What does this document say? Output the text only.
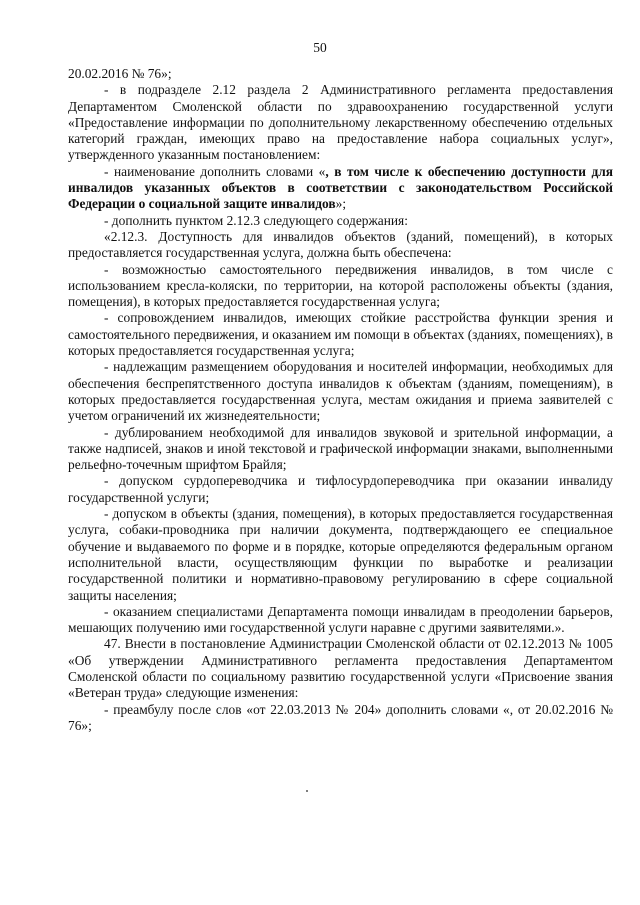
50

20.02.2016 № 76»;

- в подразделе 2.12 раздела 2 Административного регламента предоставления Департаментом Смоленской области по здравоохранению государственной услуги «Предоставление информации по дополнительному лекарственному обеспечению отдельных категорий граждан, имеющих право на предоставление набора социальных услуг», утвержденного указанным постановлением:

- наименование дополнить словами «, в том числе к обеспечению доступности для инвалидов указанных объектов в соответствии с законодательством Российской Федерации о социальной защите инвалидов»;

- дополнить пунктом 2.12.3 следующего содержания:

«2.12.3. Доступность для инвалидов объектов (зданий, помещений), в которых предоставляется государственная услуга, должна быть обеспечена:

- возможностью самостоятельного передвижения инвалидов, в том числе с использованием кресла-коляски, по территории, на которой расположены объекты (здания, помещения), в которых предоставляется государственная услуга;

- сопровождением инвалидов, имеющих стойкие расстройства функции зрения и самостоятельного передвижения, и оказанием им помощи в объектах (зданиях, помещениях), в которых предоставляется государственная услуга;

- надлежащим размещением оборудования и носителей информации, необходимых для обеспечения беспрепятственного доступа инвалидов к объектам (зданиям, помещениям), в которых предоставляется государственная услуга, местам ожидания и приема заявителей с учетом ограничений их жизнедеятельности;

- дублированием необходимой для инвалидов звуковой и зрительной информации, а также надписей, знаков и иной текстовой и графической информации знаками, выполненными рельефно-точечным шрифтом Брайля;

- допуском сурдопереводчика и тифлосурдопереводчика при оказании инвалиду государственной услуги;

- допуском в объекты (здания, помещения), в которых предоставляется государственная услуга, собаки-проводника при наличии документа, подтверждающего ее специальное обучение и выдаваемого по форме и в порядке, которые определяются федеральным органом исполнительной власти, осуществляющим функции по выработке и реализации государственной политики и нормативно-правовому регулированию в сфере социальной защиты населения;

- оказанием специалистами Департамента помощи инвалидам в преодолении барьеров, мешающих получению ими государственной услуги наравне с другими заявителями.».

47. Внести в постановление Администрации Смоленской области от 02.12.2013 № 1005 «Об утверждении Административного регламента предоставления Департаментом Смоленской области по социальному развитию государственной услуги «Присвоение звания «Ветеран труда» следующие изменения:

- преамбулу после слов «от 22.03.2013 № 204» дополнить словами «, от 20.02.2016 № 76»;
